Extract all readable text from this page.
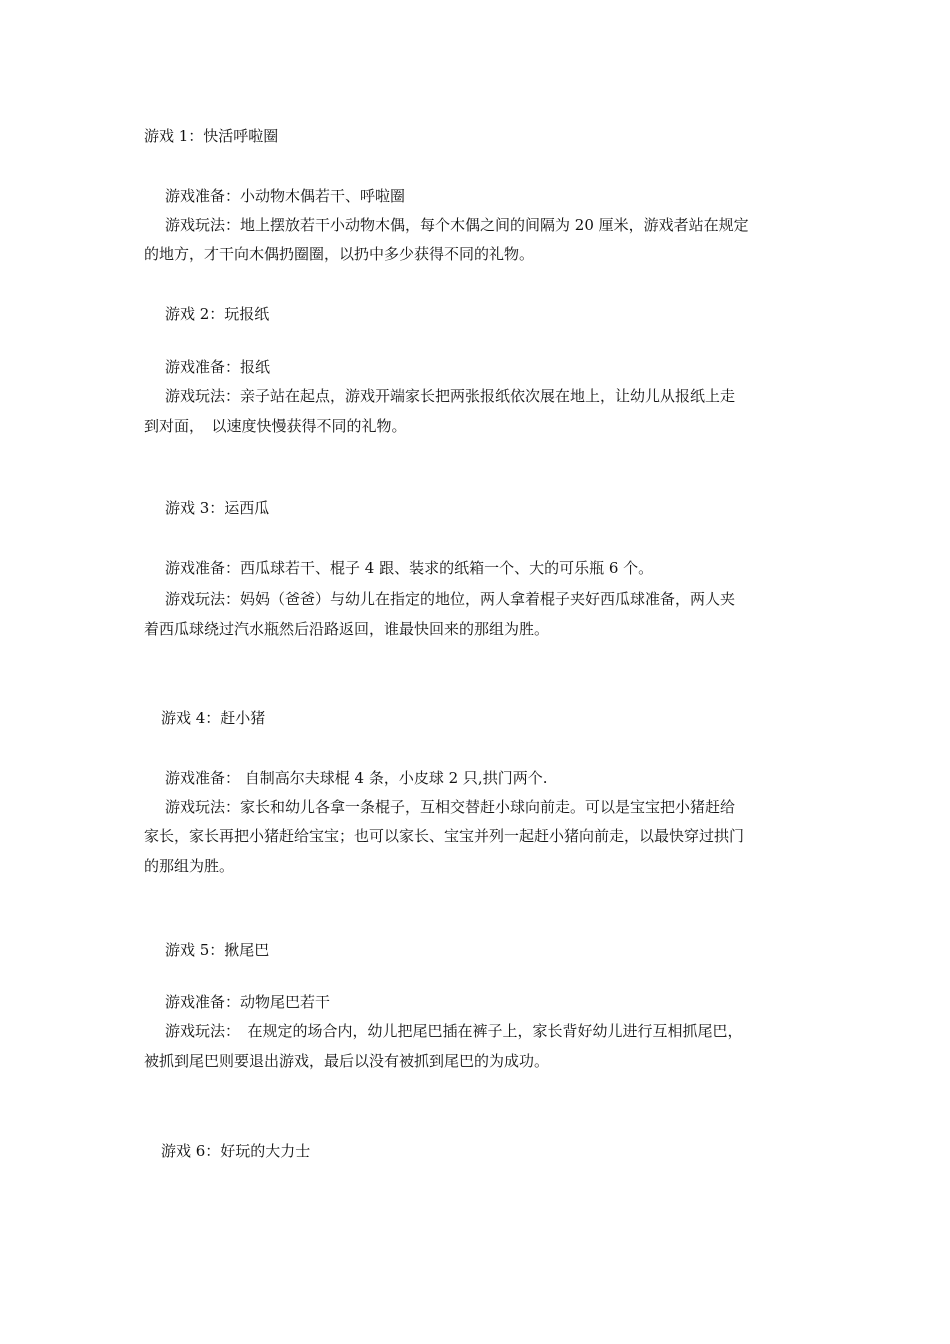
游戏 1：快活呼啦圈
游戏准备：小动物木偶若干、呼啦圈
游戏玩法：地上摆放若干小动物木偶，每个木偶之间的间隔为 20 厘米，游戏者站在规定
的地方，才干向木偶扔圈圈，以扔中多少获得不同的礼物。
游戏 2：玩报纸
游戏准备：报纸
游戏玩法：亲子站在起点，游戏开端家长把两张报纸依次展在地上，让幼儿从报纸上走
到对面，　以速度快慢获得不同的礼物。
游戏 3：运西瓜
游戏准备：西瓜球若干、棍子 4 跟、装求的纸箱一个、大的可乐瓶 6 个。
游戏玩法：妈妈（爸爸）与幼儿在指定的地位，两人拿着棍子夹好西瓜球准备，两人夹
着西瓜球绕过汽水瓶然后沿路返回，谁最快回来的那组为胜。
游戏 4：赶小猪
游戏准备： 自制高尔夫球棍 4 条，小皮球 2 只,拱门两个.
游戏玩法：家长和幼儿各拿一条棍子，互相交替赶小球向前走。可以是宝宝把小猪赶给
家长，家长再把小猪赶给宝宝；也可以家长、宝宝并列一起赶小猪向前走，以最快穿过拱门
的那组为胜。
游戏 5：揪尾巴
游戏准备：动物尾巴若干
游戏玩法：　在规定的场合内，幼儿把尾巴插在裤子上，家长背好幼儿进行互相抓尾巴，
被抓到尾巴则要退出游戏，最后以没有被抓到尾巴的为成功。
游戏 6：好玩的大力士
